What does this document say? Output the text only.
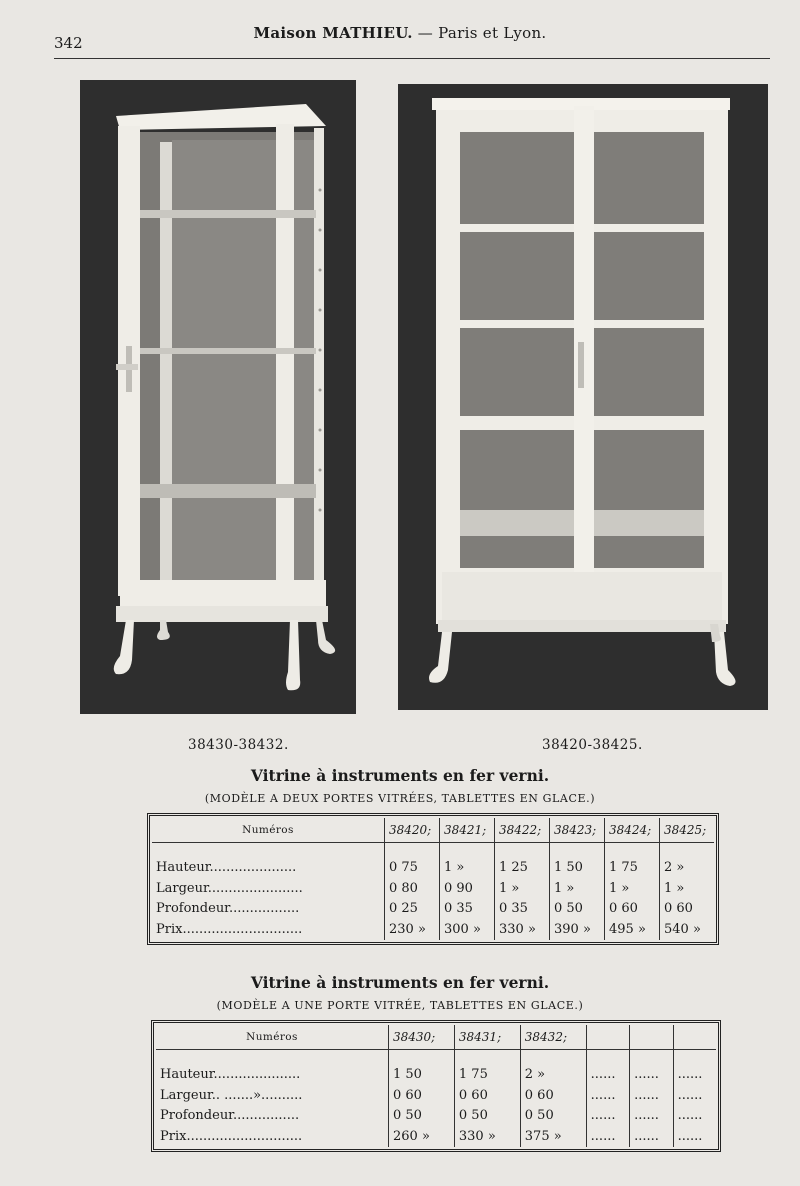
342
Maison MATHIEU. — Paris et Lyon.
38430-38432.	38420-38425.
Vitrine à instruments en fer verni.
(MODÈLE A DEUX PORTES VITRÉES, TABLETTES EN GLACE.)
Numéros	38420;	38421;	38422;	38423;	38424;	38425;

Hauteur.....................	0 75	1 »	1 25	1 50	1 75	2 »
Largeur.......................	0 80	0 90	1 »	1 »	1 »	1 »
Profondeur.................	0 25	0 35	0 35	0 50	0 60	0 60
Prix.............................	230 »	300 »	330 »	390 »	495 »	540 »
Vitrine à instruments en fer verni.
(MODÈLE A UNE PORTE VITRÉE, TABLETTES EN GLACE.)
Numéros	38430;	38431;	38432;			

Hauteur.....................	1 50	1 75	2 »	......	......	......
Largeur.. .......»..........	0 60	0 60	0 60	......	......	......
Profondeur................	0 50	0 50	0 50	......	......	......
Prix............................	260 »	330 »	375 »	......	......	......
